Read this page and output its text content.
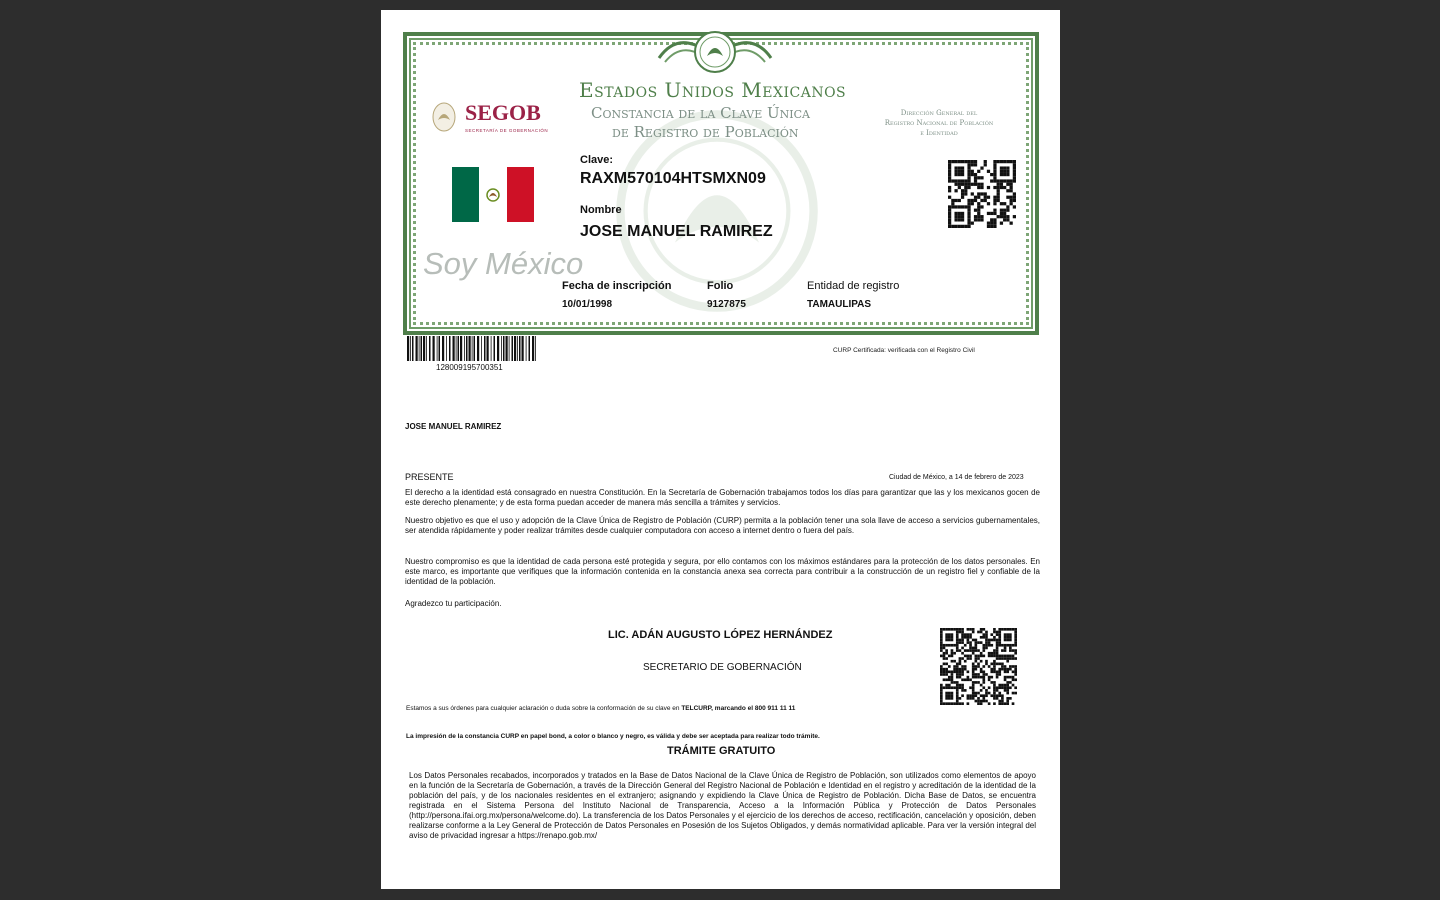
Estados Unidos Mexicanos
Constancia de la Clave Única
de Registro de Población
Dirección General del
Registro Nacional de Población
e Identidad
SEGOB
SECRETARÍA DE GOBERNACIÓN
Soy México
Clave:
RAXM570104HTSMXN09
Nombre
JOSE MANUEL RAMIREZ
Fecha de inscripción
10/01/1998
Folio
9127875
Entidad de registro
TAMAULIPAS
128009195700351
CURP Certificada: verificada con el Registro Civil
JOSE MANUEL RAMIREZ
PRESENTE	Ciudad de México, a 14 de febrero de 2023
El derecho a la identidad está consagrado en nuestra Constitución. En la Secretaría de Gobernación trabajamos todos los días para garantizar que las y los mexicanos gocen de este derecho plenamente; y de esta forma puedan acceder de manera más sencilla a trámites y servicios.
Nuestro objetivo es que el uso y adopción de la Clave Única de Registro de Población (CURP) permita a la población tener una sola llave de acceso a servicios gubernamentales, ser atendida rápidamente y poder realizar trámites desde cualquier computadora con acceso a internet dentro o fuera del país.
Nuestro compromiso es que la identidad de cada persona esté protegida y segura, por ello contamos con los máximos estándares para la protección de los datos personales. En este marco, es importante que verifiques que la información contenida en la constancia anexa sea correcta para contribuir a la construcción de un registro fiel y confiable de la identidad de la población.
Agradezco tu participación.
LIC. ADÁN AUGUSTO LÓPEZ HERNÁNDEZ
SECRETARIO DE GOBERNACIÓN
Estamos a sus órdenes para cualquier aclaración o duda sobre la conformación de su clave en TELCURP, marcando el 800 911 11 11
La impresión de la constancia CURP en papel bond, a color o blanco y negro, es válida y debe ser aceptada para realizar todo trámite.
TRÁMITE GRATUITO
Los Datos Personales recabados, incorporados y tratados en la Base de Datos Nacional de la Clave Única de Registro de Población, son utilizados como elementos de apoyo en la función de la Secretaría de Gobernación, a través de la Dirección General del Registro Nacional de Población e Identidad en el registro y acreditación de la identidad de la población del país, y de los nacionales residentes en el extranjero; asignando y expidiendo la Clave Única de Registro de Población. Dicha Base de Datos, se encuentra registrada en el Sistema Persona del Instituto Nacional de Transparencia, Acceso a la Información Pública y Protección de Datos Personales (http://persona.ifai.org.mx/persona/welcome.do). La transferencia de los Datos Personales y el ejercicio de los derechos de acceso, rectificación, cancelación y oposición, deben realizarse conforme a la Ley General de Protección de Datos Personales en Posesión de los Sujetos Obligados, y demás normatividad aplicable. Para ver la versión integral del aviso de privacidad ingresar a https://renapo.gob.mx/
